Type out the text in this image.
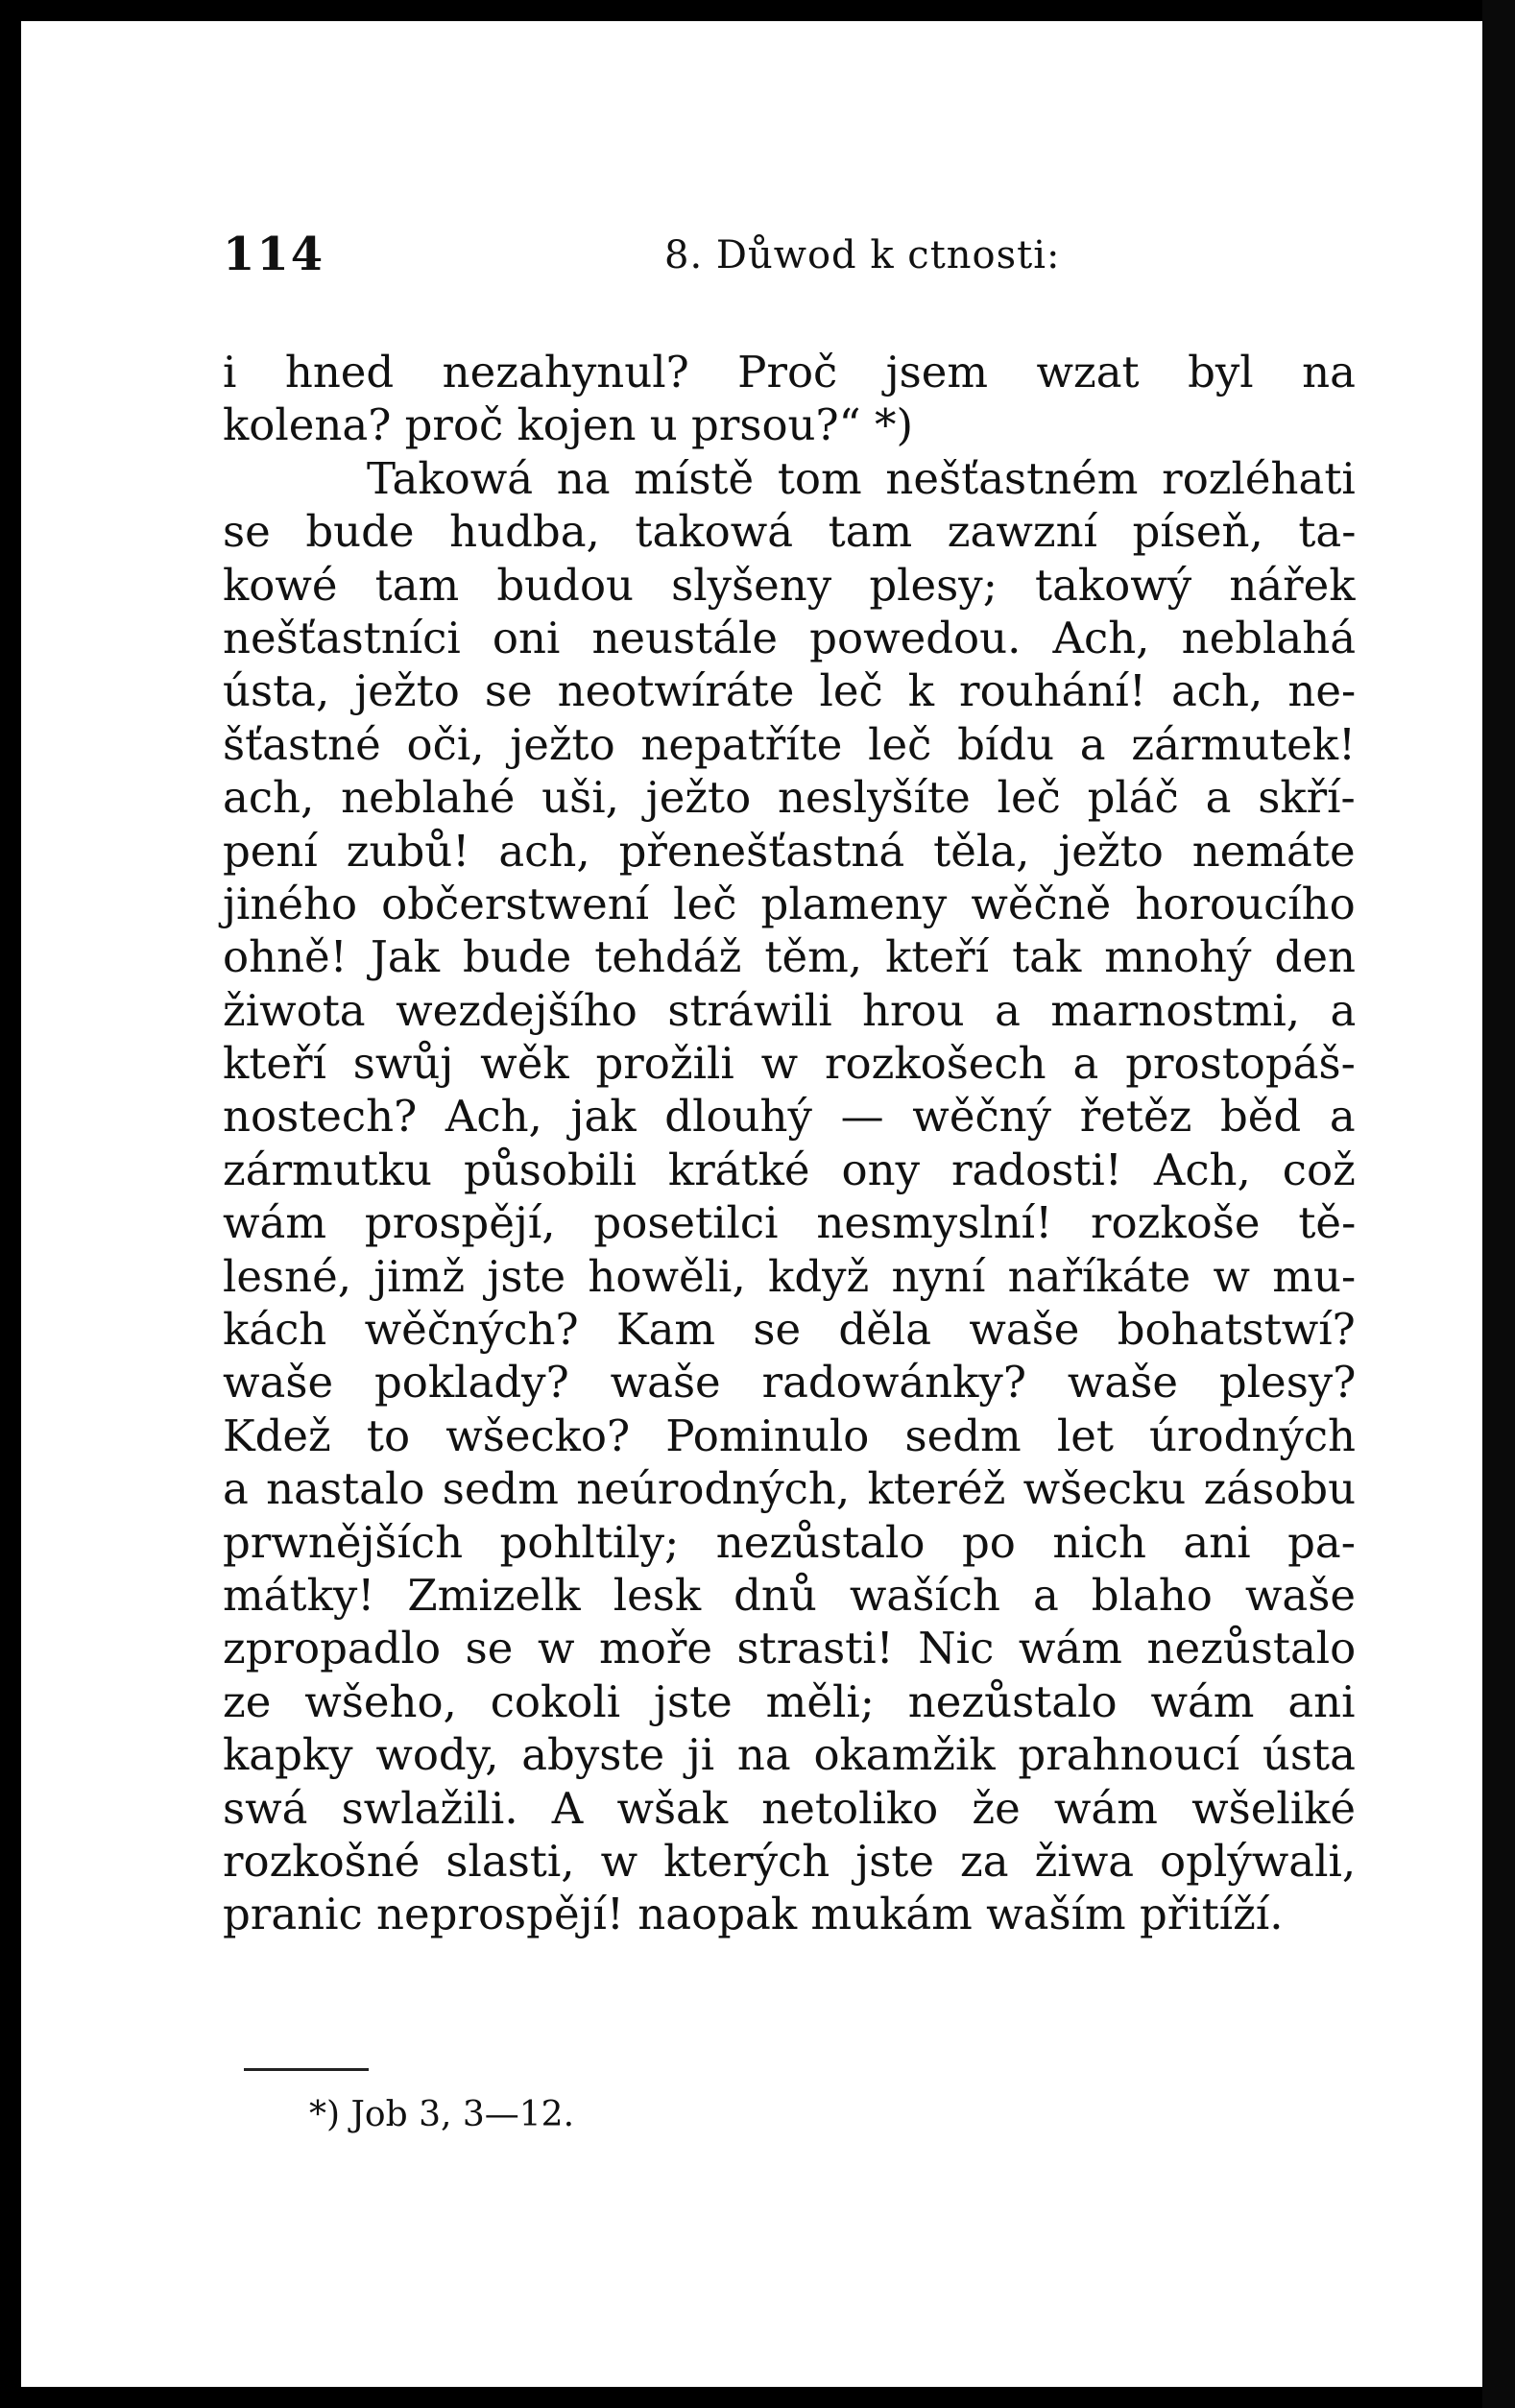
114	8. Důwod k ctnosti:
i hned nezahynul? Proč jsem wzat byl na
kolena? proč kojen u prsou?“ *)
Takowá na místě tom nešťastném rozléhati
se bude hudba, takowá tam zawzní píseň, ta-
kowé tam budou slyšeny plesy; takowý nářek
nešťastníci oni neustále powedou. Ach, neblahá
ústa, ježto se neotwíráte leč k rouhání! ach, ne-
šťastné oči, ježto nepatříte leč bídu a zármutek!
ach, neblahé uši, ježto neslyšíte leč pláč a skří-
pení zubů! ach, přenešťastná těla, ježto nemáte
jiného občerstwení leč plameny wěčně horoucího
ohně! Jak bude tehdáž těm, kteří tak mnohý den
žiwota wezdejšího stráwili hrou a marnostmi, a
kteří swůj wěk prožili w rozkošech a prostopáš-
nostech? Ach, jak dlouhý — wěčný řetěz běd a
zármutku působili krátké ony radosti! Ach, což
wám prospějí, posetilci nesmyslní! rozkoše tě-
lesné, jimž jste howěli, když nyní naříkáte w mu-
kách wěčných? Kam se děla waše bohatstwí?
waše poklady? waše radowánky? waše plesy?
Kdež to wšecko? Pominulo sedm let úrodných
a nastalo sedm neúrodných, kteréž wšecku zásobu
prwnějších pohltily; nezůstalo po nich ani pa-
mátky! Zmizelk lesk dnů waších a blaho waše
zpropadlo se w moře strasti! Nic wám nezůstalo
ze wšeho, cokoli jste měli; nezůstalo wám ani
kapky wody, abyste ji na okamžik prahnoucí ústa
swá swlažili. A wšak netoliko že wám wšeliké
rozkošné slasti, w kterých jste za žiwa oplýwali,
pranic neprospějí! naopak mukám waším přitíží.
*) Job 3, 3—12.
